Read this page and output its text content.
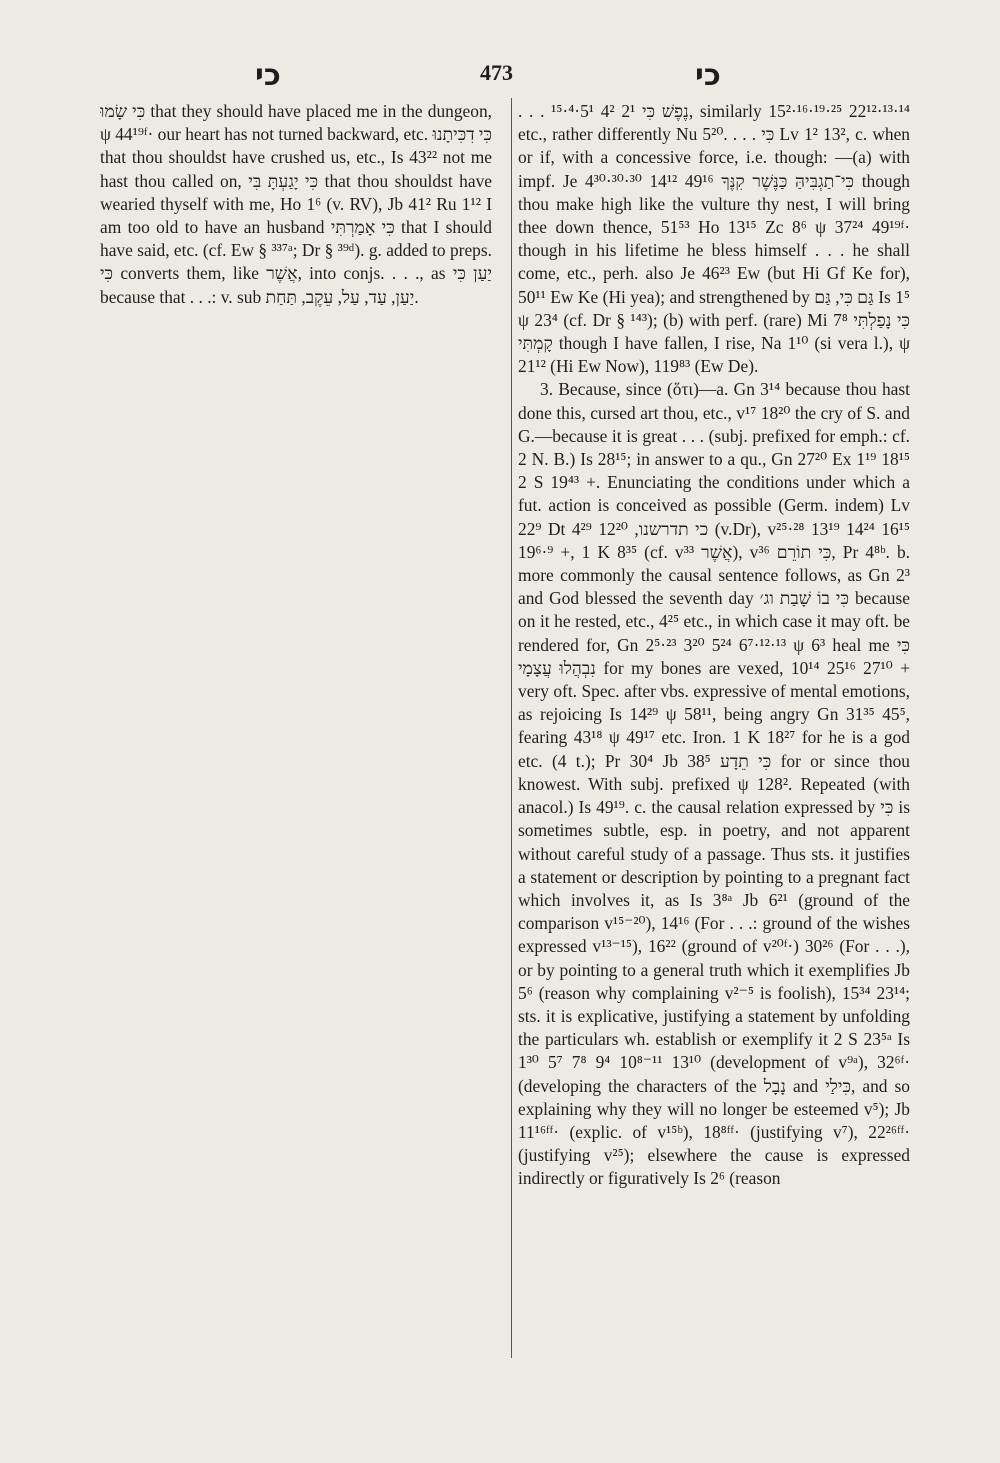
כי	473	כי

כִּי שָׂמוּ that they should have placed me in the dungeon, ψ 44¹⁹ᶠ· our heart has not turned backward, etc. כִּי דִכִּיתָנוּ that thou shouldst have crushed us, etc., Is 43²² not me hast thou called on, כִּי יָגַעְתָּ בִּי that thou shouldst have wearied thyself with me, Ho 1⁶ (v. RV), Jb 41² Ru 1¹² I am too old to have an husband כִּי אָמַרְתִּי that I should have said, etc. (cf. Ew § ³³⁷ᵃ; Dr § ³⁹ᵈ). g. added to preps. כִּי converts them, like אֲשֶׁר, into conjs. . . ., as יַעַן כִּי because that . . .: v. sub יַעַן, עַד, עַל, עֵקֶב, תַּחַת.

. . . נֶפֶשׁ כִּי 2¹ 4² 5¹·⁴·¹⁵, similarly 15²·¹⁶·¹⁹·²⁵ 22¹²·¹³·¹⁴ etc., rather differently Nu 5²⁰. . . . כִּי Lv 1² 13², c. when or if, with a concessive force, i.e. though: —(a) with impf. Je 4³⁰·³⁰·³⁰ 14¹² 49¹⁶ כִּי־תַגְבִּיהַּ כַּנֶּשֶׁר קִנֶּךָ though thou make high like the vulture thy nest, I will bring thee down thence, 51⁵³ Ho 13¹⁵ Zc 8⁶ ψ 37²⁴ 49¹⁹ᶠ· though in his lifetime he bless himself . . . he shall come, etc., perh. also Je 46²³ Ew (but Hi Gf Ke for), 50¹¹ Ew Ke (Hi yea); and strengthened by גַּם כִּי, גַּם Is 1⁵ ψ 23⁴ (cf. Dr § ¹⁴³); (b) with perf. (rare) Mi 7⁸ כִּי נָפַלְתִּי קָמְתִּי though I have fallen, I rise, Na 1¹⁰ (si vera l.), ψ 21¹² (Hi Ew Now), 119⁸³ (Ew De).

3. Because, since (ὅτι)—a. Gn 3¹⁴ because thou hast done this, cursed art thou, etc., v¹⁷ 18²⁰ the cry of S. and G.—because it is great . . . (subj. prefixed for emph.: cf. 2 N. B.) Is 28¹⁵; in answer to a qu., Gn 27²⁰ Ex 1¹⁹ 18¹⁵ 2 S 19⁴³ +. Enunciating the conditions under which a fut. action is conceived as possible (Germ. indem) Lv 22⁹ Dt 4²⁹ כי תדרשנו, 12²⁰ (v.Dr), v²⁵·²⁸ 13¹⁹ 14²⁴ 16¹⁵ 19⁶·⁹ +, 1 K 8³⁵ (cf. v³³ אֲשֶׁר), v³⁶ כִּי תוֹרֵם, Pr 4⁸ᵇ. b. more commonly the causal sentence follows, as Gn 2³ and God blessed the seventh day כִּי בוֹ שָׁבַת וג׳ because on it he rested, etc., 4²⁵ etc., in which case it may oft. be rendered for, Gn 2⁵·²³ 3²⁰ 5²⁴ 6⁷·¹²·¹³ ψ 6³ heal me כִּי נִבְהֲלוּ עֲצָמָי for my bones are vexed, 10¹⁴ 25¹⁶ 27¹⁰ + very oft. Spec. after vbs. expressive of mental emotions, as rejoicing Is 14²⁹ ψ 58¹¹, being angry Gn 31³⁵ 45⁵, fearing 43¹⁸ ψ 49¹⁷ etc. Iron. 1 K 18²⁷ for he is a god etc. (4 t.); Pr 30⁴ Jb 38⁵ כִּי תֵדָע for or since thou knowest. With subj. prefixed ψ 128². Repeated (with anacol.) Is 49¹⁹. c. the causal relation expressed by כִּי is sometimes subtle, esp. in poetry, and not apparent without careful study of a passage. Thus sts. it justifies a statement or description by pointing to a pregnant fact which involves it, as Is 3⁸ᵃ Jb 6²¹ (ground of the comparison v¹⁵⁻²⁰), 14¹⁶ (For . . .: ground of the wishes expressed v¹³⁻¹⁵), 16²² (ground of v²⁰ᶠ·) 30²⁶ (For . . .), or by pointing to a general truth which it exemplifies Jb 5⁶ (reason why complaining v²⁻⁵ is foolish), 15³⁴ 23¹⁴; sts. it is explicative, justifying a statement by unfolding the particulars wh. establish or exemplify it 2 S 23⁵ᵃ Is 1³⁰ 5⁷ 7⁸ 9⁴ 10⁸⁻¹¹ 13¹⁰ (development of v⁹ᵃ), 32⁶ᶠ· (developing the characters of the נָבָל and כִּילַי, and so explaining why they will no longer be esteemed v⁵); Jb 11¹⁶ᶠᶠ· (explic. of v¹⁵ᵇ), 18⁸ᶠᶠ· (justifying v⁷), 22²⁶ᶠᶠ· (justifying v²⁵); elsewhere the cause is expressed indirectly or figuratively Is 2⁶ (reason
